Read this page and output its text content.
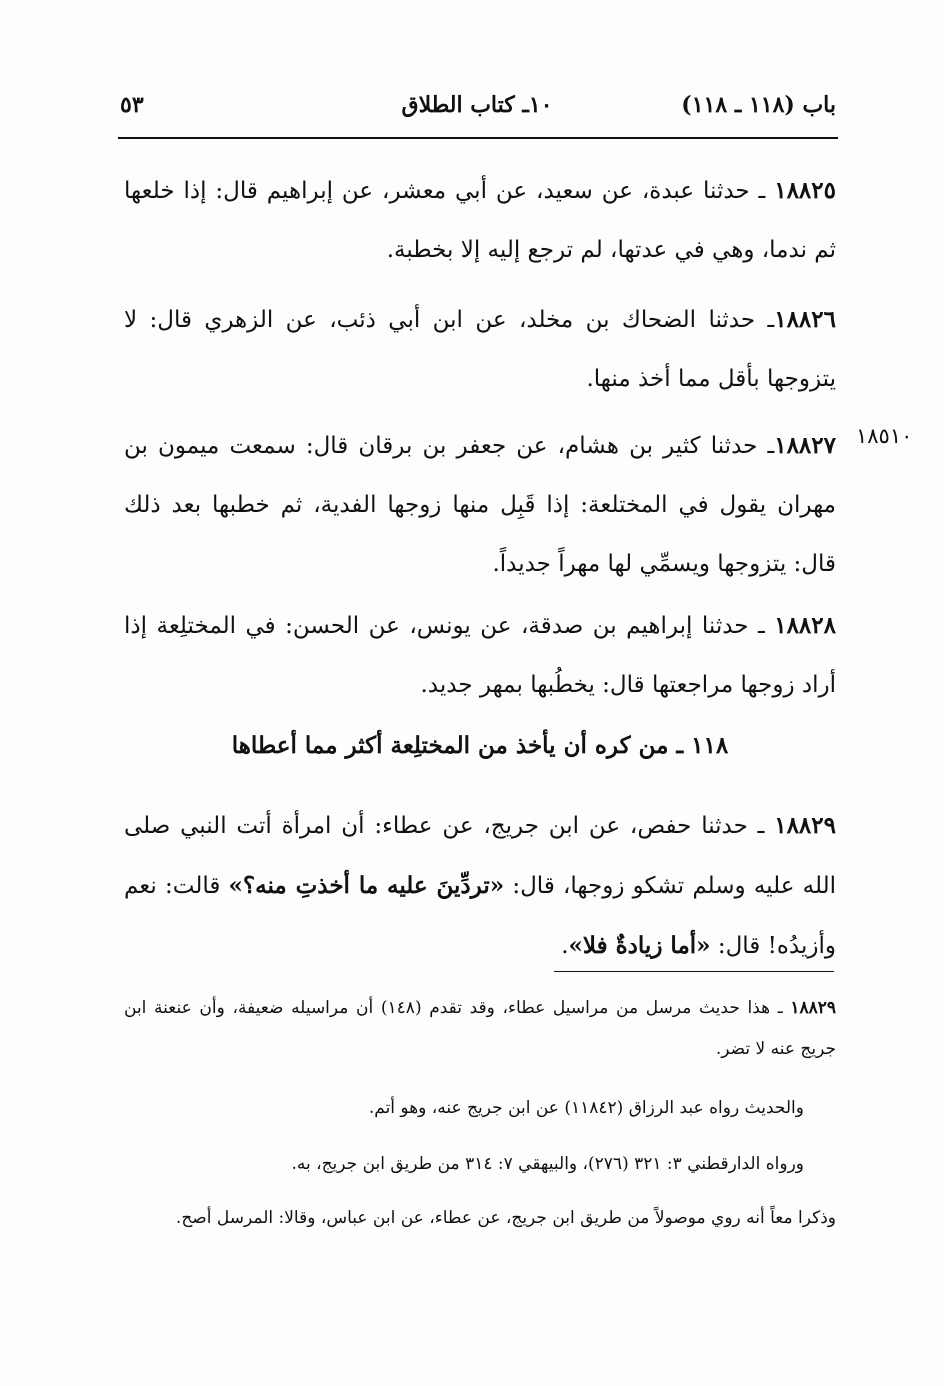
باب (١١٨ ـ ١١٨)
١٠ـ كتاب الطلاق
٥٣
١٨٨٢٥ ـ حدثنا عبدة، عن سعيد، عن أبي معشر، عن إبراهيم قال: إذا خلعها ثم ندما، وهي في عدتها، لم ترجع إليه إلا بخطبة.
١٨٨٢٦ـ حدثنا الضحاك بن مخلد، عن ابن أبي ذئب، عن الزهري قال: لا يتزوجها بأقل مما أخذ منها.
١٨٥١٠
١٨٨٢٧ـ حدثنا كثير بن هشام، عن جعفر بن برقان قال: سمعت ميمون بن مهران يقول في المختلعة: إذا قَبِل منها زوجها الفدية، ثم خطبها بعد ذلك قال: يتزوجها ويسمِّي لها مهراً جديداً.
١٨٨٢٨ ـ حدثنا إبراهيم بن صدقة، عن يونس، عن الحسن: في المختلِعة إذا أراد زوجها مراجعتها قال: يخطُبها بمهر جديد.
١١٨ ـ من كره أن يأخذ من المختلِعة أكثر مما أعطاها
١٨٨٢٩ ـ حدثنا حفص، عن ابن جريج، عن عطاء: أن امرأة أتت النبي صلى الله عليه وسلم تشكو زوجها، قال: «تردِّينَ عليه ما أخذتِ منه؟» قالت: نعم وأزيدُه! قال: «أما زيادةٌ فلا».
١٨٨٢٩ ـ هذا حديث مرسل من مراسيل عطاء، وقد تقدم (١٤٨) أن مراسيله ضعيفة، وأن عنعنة ابن جريج عنه لا تضر.
والحديث رواه عبد الرزاق (١١٨٤٢) عن ابن جريج عنه، وهو أتم.
ورواه الدارقطني ٣: ٣٢١ (٢٧٦)، والبيهقي ٧: ٣١٤ من طريق ابن جريج، به.
وذكرا معاً أنه روي موصولاً من طريق ابن جريج، عن عطاء، عن ابن عباس، وقالا: المرسل أصح.
